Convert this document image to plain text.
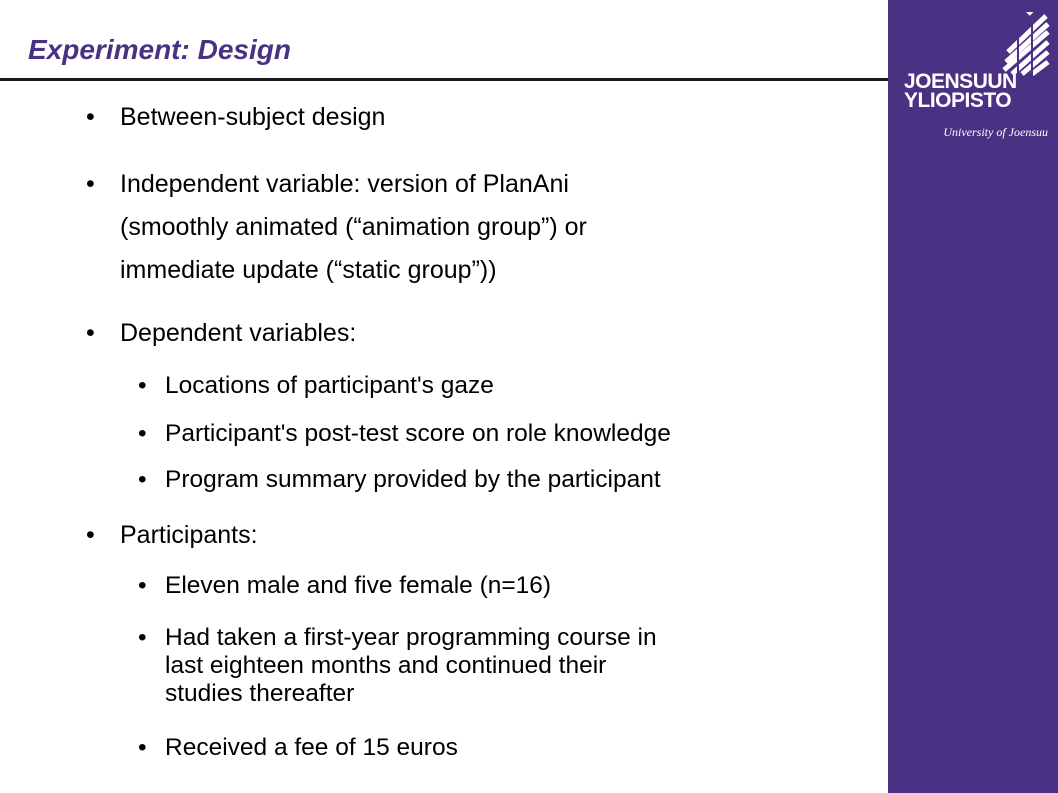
Experiment: Design
JOENSUUN
YLIOPISTO
University of Joensuu
• Between-subject design
• Independent variable: version of PlanAni
(smoothly animated (“animation group”) or
immediate update (“static group”))
• Dependent variables:
• Locations of participant's gaze
• Participant's post-test score on role knowledge
• Program summary provided by the participant
• Participants:
• Eleven male and five female (n=16)
• Had taken a first-year programming course in
last eighteen months and continued their
studies thereafter
• Received a fee of 15 euros
